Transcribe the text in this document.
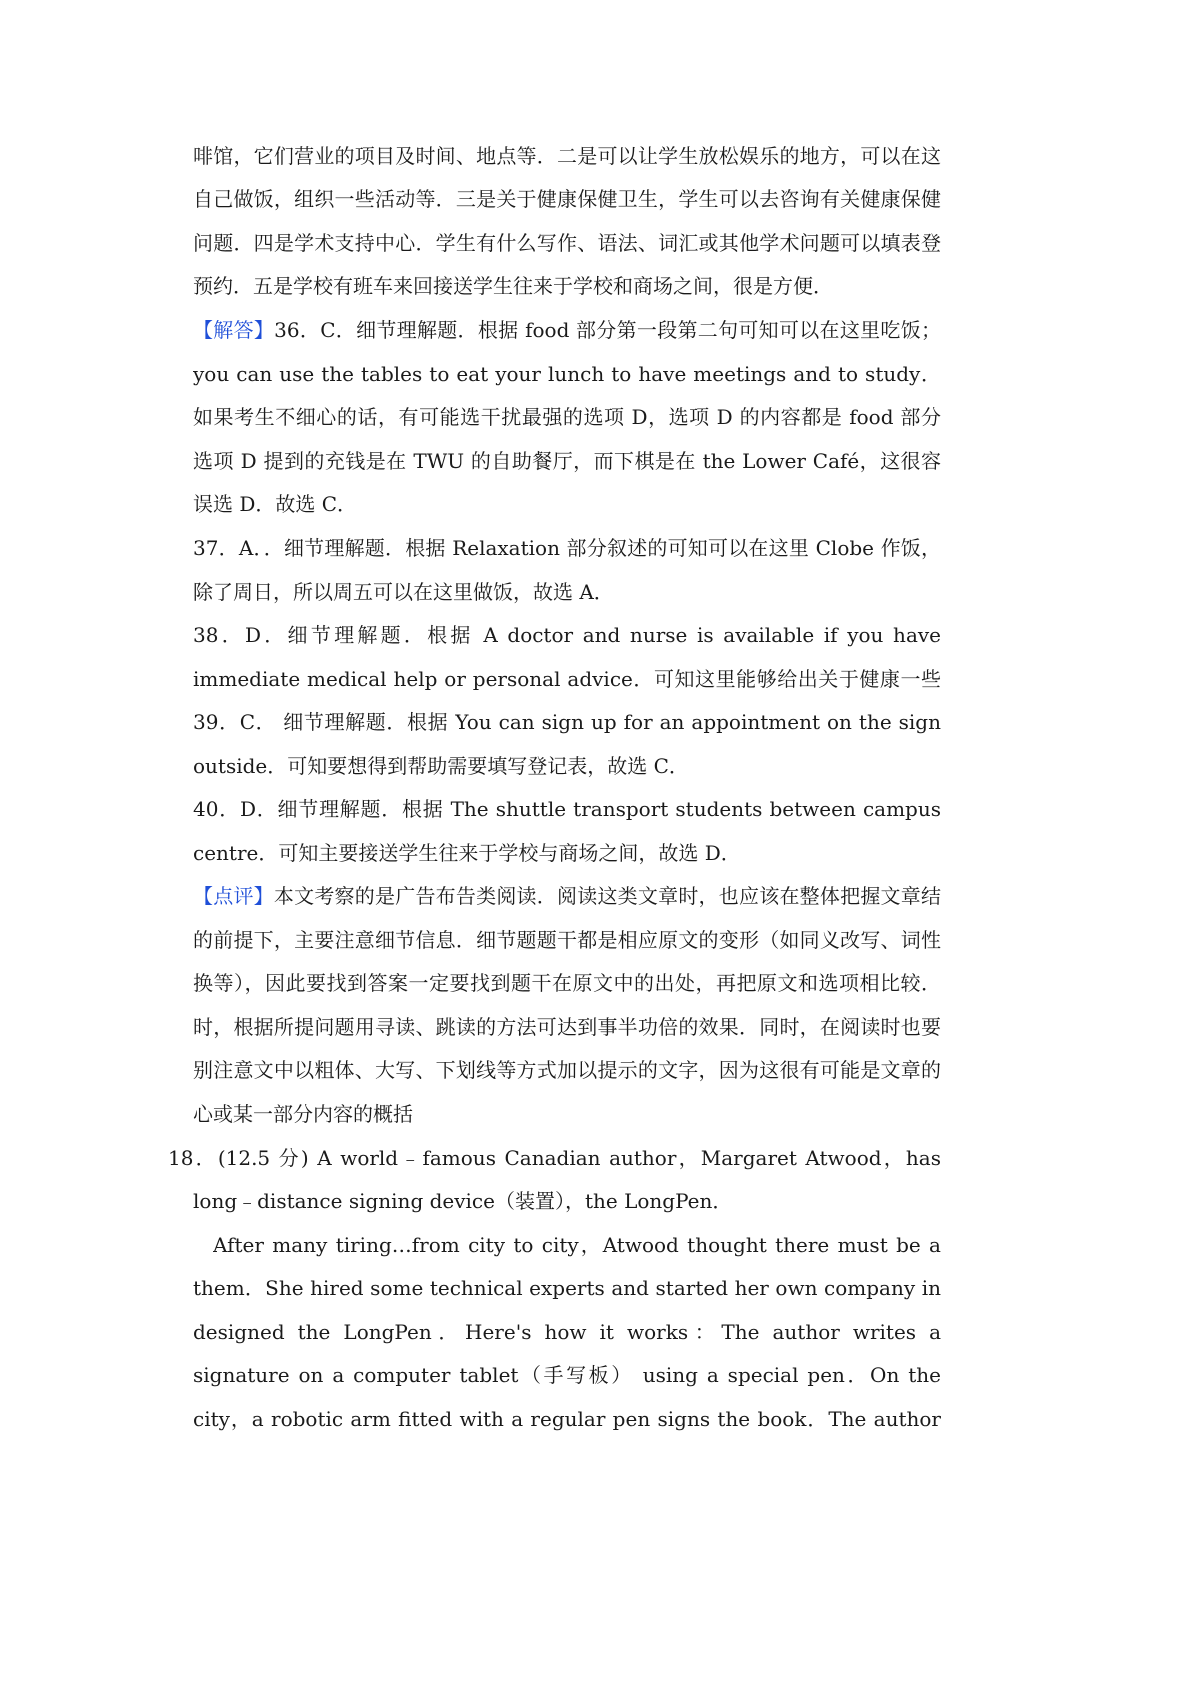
啡馆，它们营业的项目及时间、地点等．二是可以让学生放松娱乐的地方，可以在这
自己做饭，组织一些活动等．三是关于健康保健卫生，学生可以去咨询有关健康保健
问题．四是学术支持中心．学生有什么写作、语法、词汇或其他学术问题可以填表登
预约．五是学校有班车来回接送学生往来于学校和商场之间，很是方便．
【解答】36．C．细节理解题．根据 food 部分第一段第二句可知可以在这里吃饭；
you can use the tables to eat your lunch to have meetings and to study．
如果考生不细心的话，有可能选干扰最强的选项 D，选项 D 的内容都是 food 部分
选项 D 提到的充钱是在 TWU 的自助餐厅，而下棋是在 the Lower Café，这很容
误选 D．故选 C．
37．A．．细节理解题．根据 Relaxation 部分叙述的可知可以在这里 Clobe 作饭，
除了周日，所以周五可以在这里做饭，故选 A．
38．D．细节理解题．根据 A doctor and nurse is available if you have
immediate medical help or personal advice．可知这里能够给出关于健康一些
39．C． 细节理解题．根据 You can sign up for an appointment on the sign
outside．可知要想得到帮助需要填写登记表，故选 C．
40．D．细节理解题．根据 The shuttle transport students between campus
centre．可知主要接送学生往来于学校与商场之间，故选 D．
【点评】本文考察的是广告布告类阅读．阅读这类文章时，也应该在整体把握文章结
的前提下，主要注意细节信息．细节题题干都是相应原文的变形（如同义改写、词性
换等），因此要找到答案一定要找到题干在原文中的出处，再把原文和选项相比较．
时，根据所提问题用寻读、跳读的方法可达到事半功倍的效果．同时，在阅读时也要
别注意文中以粗体、大写、下划线等方式加以提示的文字，因为这很有可能是文章的
心或某一部分内容的概括
18．(12.5 分) A world﹣famous Canadian author，Margaret Atwood，has
long﹣distance signing device（装置），the LongPen．
After many tiring…from city to city，Atwood thought there must be a
them．She hired some technical experts and started her own company in
designed the LongPen．Here's how it works：The author writes a
signature on a computer tablet（手写板） using a special pen．On the
city，a robotic arm fitted with a regular pen signs the book．The author
